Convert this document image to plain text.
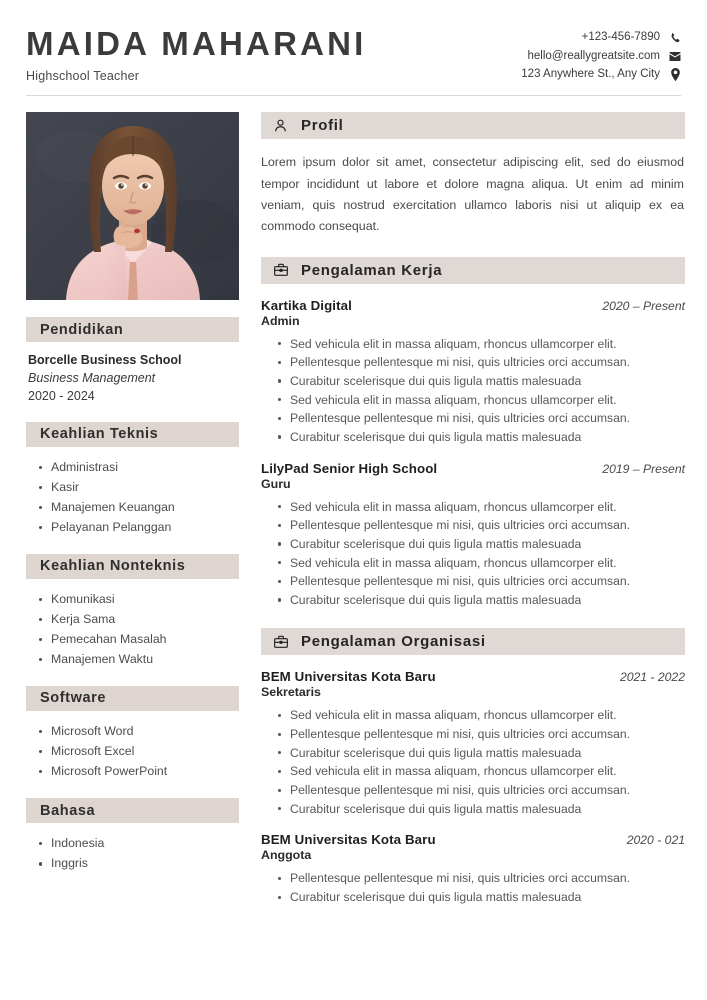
MAIDA MAHARANI
Highschool Teacher
+123-456-7890
hello@reallygreatsite.com
123 Anywhere St., Any City
Pendidikan
Borcelle Business School
Business Management
2020 - 2024
Keahlian Teknis
Administrasi
Kasir
Manajemen Keuangan
Pelayanan Pelanggan
Keahlian Nonteknis
Komunikasi
Kerja Sama
Pemecahan Masalah
Manajemen Waktu
Software
Microsoft Word
Microsoft Excel
Microsoft PowerPoint
Bahasa
Indonesia
Inggris
Profil

Lorem ipsum dolor sit amet, consectetur adipiscing elit, sed do eiusmod tempor incididunt ut labore et dolore magna aliqua. Ut enim ad minim veniam, quis nostrud exercitation ullamco laboris nisi ut aliquip ex ea commodo consequat.

Pengalaman Kerja
Kartika Digital	2020 – Present
Admin
Sed vehicula elit in massa aliquam, rhoncus ullamcorper elit.
Pellentesque pellentesque mi nisi, quis ultricies orci accumsan.
Curabitur scelerisque dui quis ligula mattis malesuada
Sed vehicula elit in massa aliquam, rhoncus ullamcorper elit.
Pellentesque pellentesque mi nisi, quis ultricies orci accumsan.
Curabitur scelerisque dui quis ligula mattis malesuada
LilyPad Senior High School	2019 – Present
Guru
Sed vehicula elit in massa aliquam, rhoncus ullamcorper elit.
Pellentesque pellentesque mi nisi, quis ultricies orci accumsan.
Curabitur scelerisque dui quis ligula mattis malesuada
Sed vehicula elit in massa aliquam, rhoncus ullamcorper elit.
Pellentesque pellentesque mi nisi, quis ultricies orci accumsan.
Curabitur scelerisque dui quis ligula mattis malesuada
Pengalaman Organisasi
BEM Universitas Kota Baru	2021 - 2022
Sekretaris
Sed vehicula elit in massa aliquam, rhoncus ullamcorper elit.
Pellentesque pellentesque mi nisi, quis ultricies orci accumsan.
Curabitur scelerisque dui quis ligula mattis malesuada
Sed vehicula elit in massa aliquam, rhoncus ullamcorper elit.
Pellentesque pellentesque mi nisi, quis ultricies orci accumsan.
Curabitur scelerisque dui quis ligula mattis malesuada
BEM Universitas Kota Baru	2020 - 021
Anggota
Pellentesque pellentesque mi nisi, quis ultricies orci accumsan.
Curabitur scelerisque dui quis ligula mattis malesuada
